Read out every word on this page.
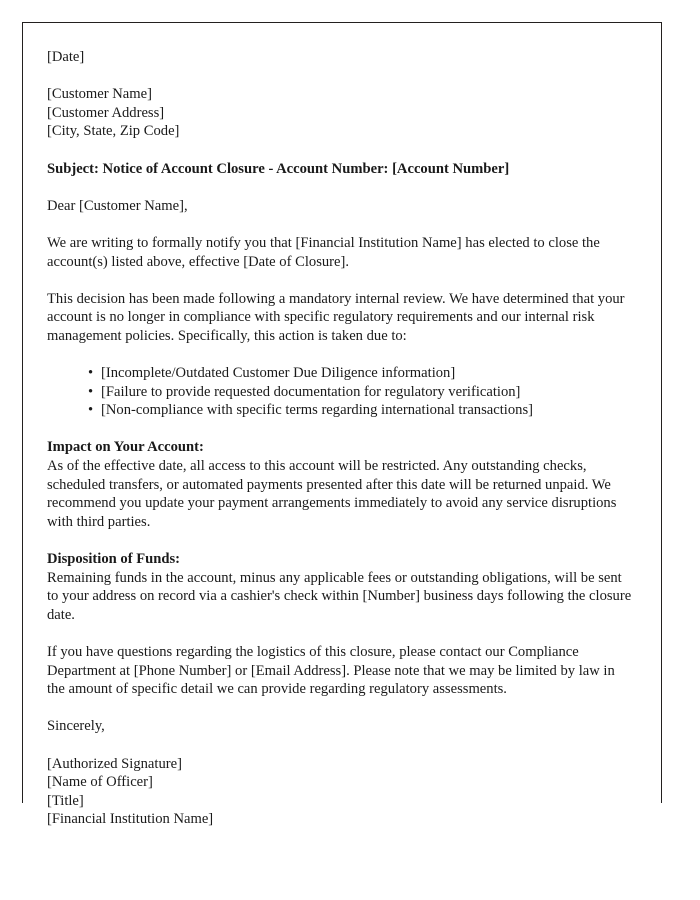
[Date]
[Customer Name]
[Customer Address]
[City, State, Zip Code]
Subject: Notice of Account Closure - Account Number: [Account Number]
Dear [Customer Name],

We are writing to formally notify you that [Financial Institution Name] has elected to close the account(s) listed above, effective [Date of Closure].

This decision has been made following a mandatory internal review. We have determined that your account is no longer in compliance with specific regulatory requirements and our internal risk management policies. Specifically, this action is taken due to:

• [Incomplete/Outdated Customer Due Diligence information]
• [Failure to provide requested documentation for regulatory verification]
• [Non-compliance with specific terms regarding international transactions]
Impact on Your Account:

As of the effective date, all access to this account will be restricted. Any outstanding checks, scheduled transfers, or automated payments presented after this date will be returned unpaid. We recommend you update your payment arrangements immediately to avoid any service disruptions with third parties.

Disposition of Funds:

Remaining funds in the account, minus any applicable fees or outstanding obligations, will be sent to your address on record via a cashier's check within [Number] business days following the closure date.

If you have questions regarding the logistics of this closure, please contact our Compliance Department at [Phone Number] or [Email Address]. Please note that we may be limited by law in the amount of specific detail we can provide regarding regulatory assessments.

Sincerely,
[Authorized Signature]
[Name of Officer]
[Title]
[Financial Institution Name]
